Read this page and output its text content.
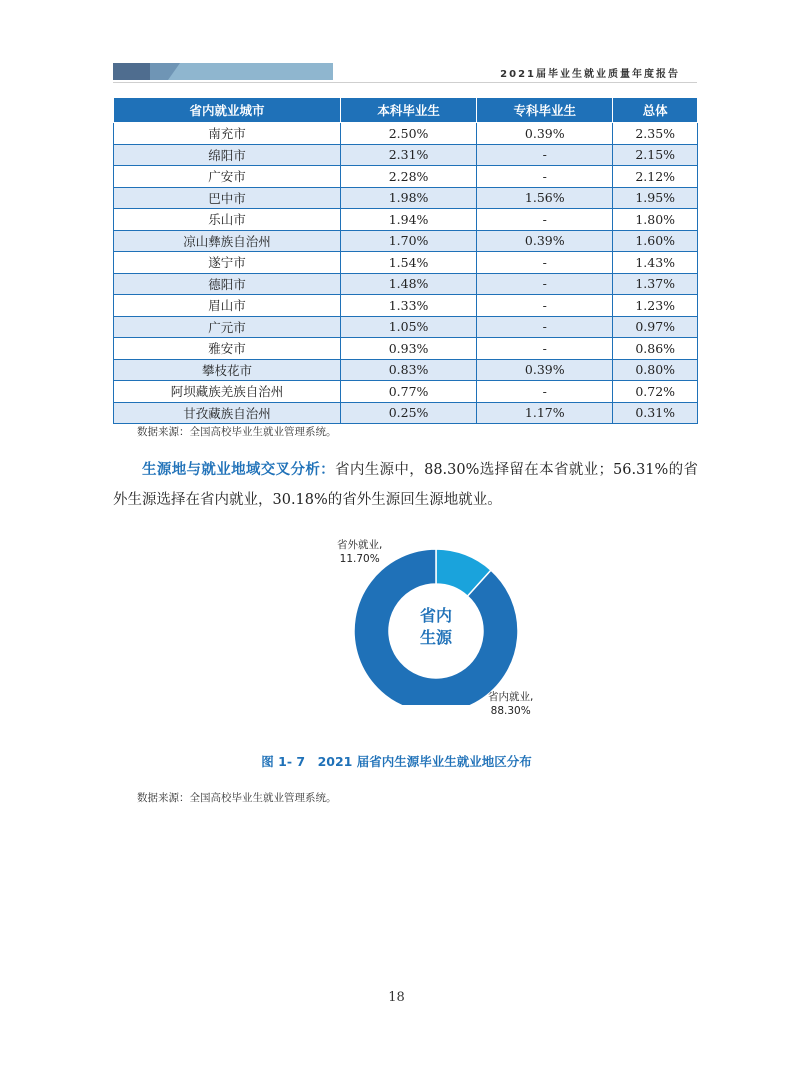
2021届毕业生就业质量年度报告
省内就业城市	本科毕业生	专科毕业生	总体
南充市	2.50%	0.39%	2.35%
绵阳市	2.31%	-	2.15%
广安市	2.28%	-	2.12%
巴中市	1.98%	1.56%	1.95%
乐山市	1.94%	-	1.80%
凉山彝族自治州	1.70%	0.39%	1.60%
遂宁市	1.54%	-	1.43%
德阳市	1.48%	-	1.37%
眉山市	1.33%	-	1.23%
广元市	1.05%	-	0.97%
雅安市	0.93%	-	0.86%
攀枝花市	0.83%	0.39%	0.80%
阿坝藏族羌族自治州	0.77%	-	0.72%
甘孜藏族自治州	0.25%	1.17%	0.31%
数据来源：全国高校毕业生就业管理系统。
生源地与就业地域交叉分析：省内生源中，88.30%选择留在本省就业；56.31%的省外生源选择在省内就业，30.18%的省外生源回生源地就业。
省内
生源
省外就业,
11.70%
省内就业,
88.30%
图 1- 7　2021 届省内生源毕业生就业地区分布
数据来源：全国高校毕业生就业管理系统。
18
